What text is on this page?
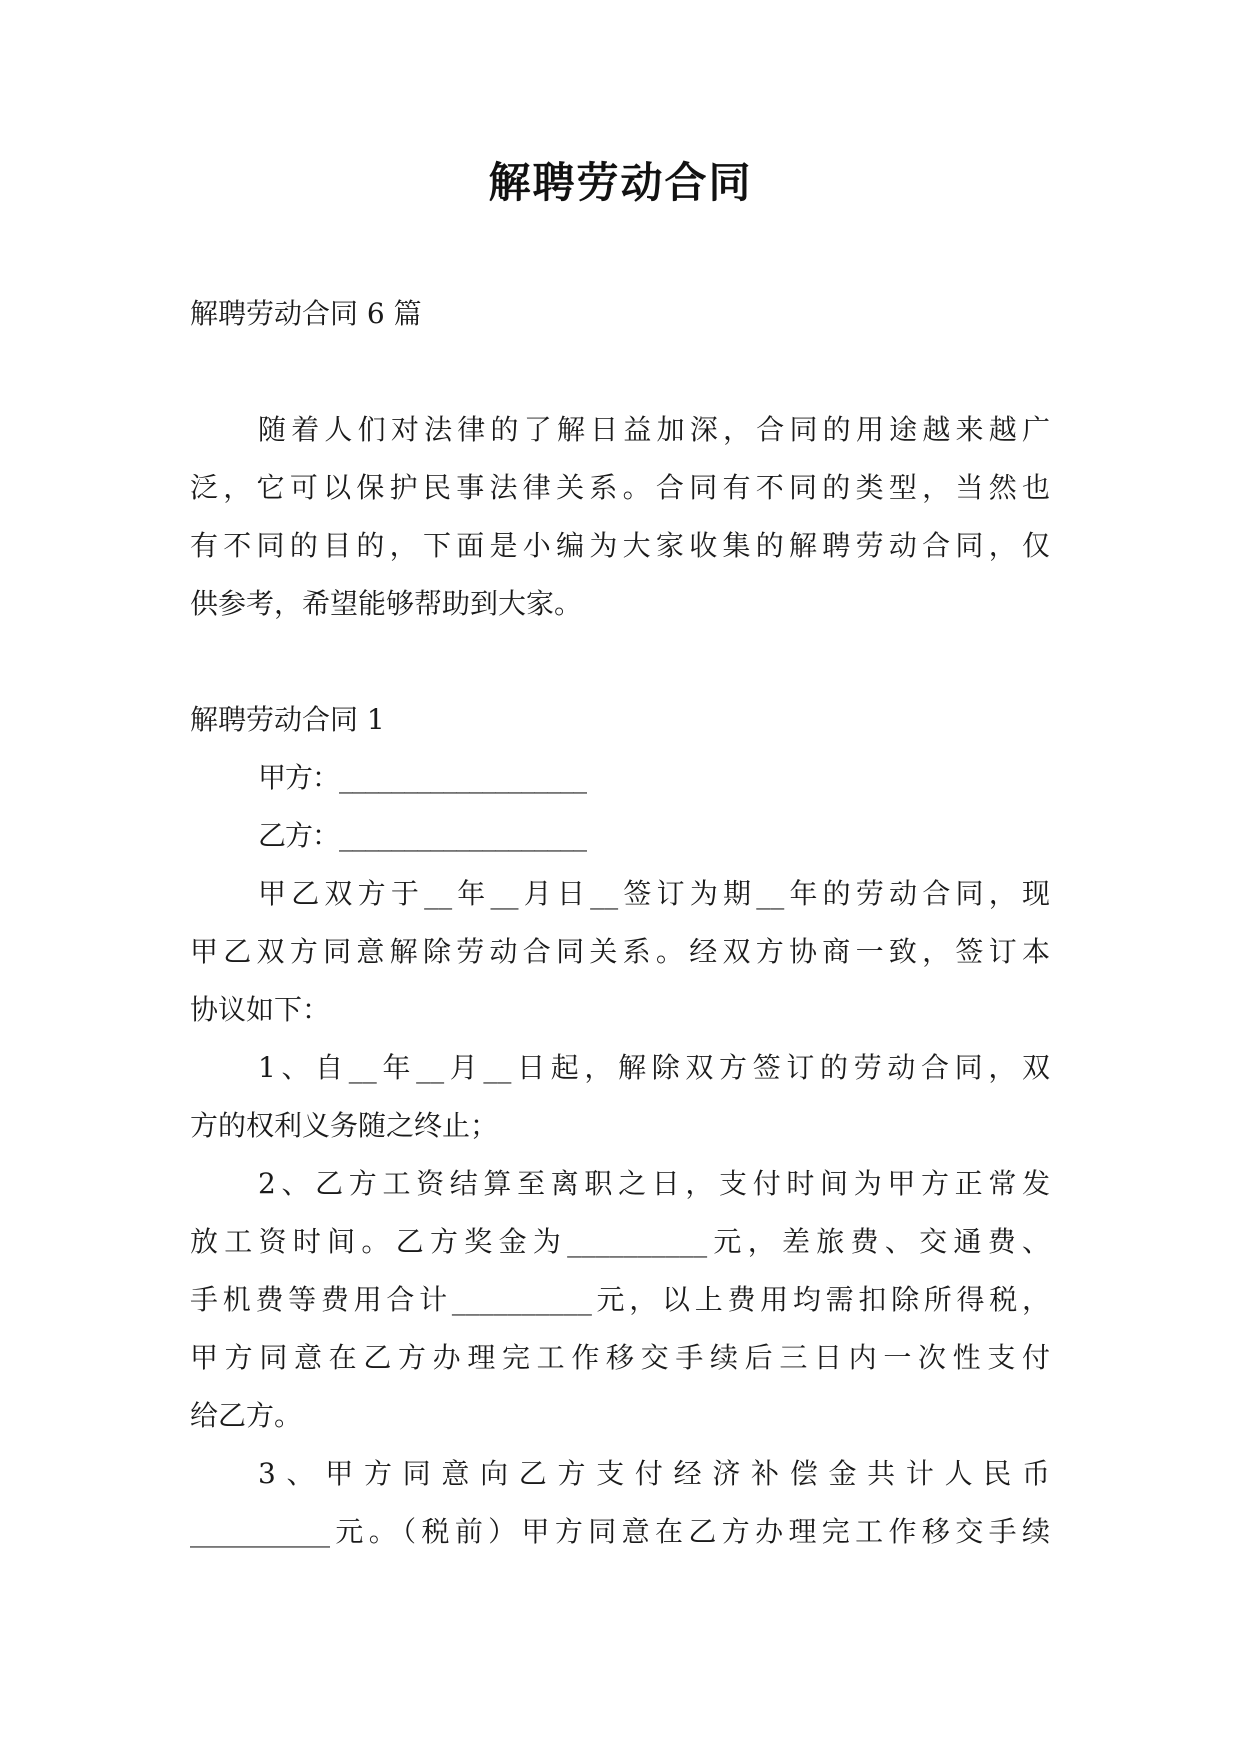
解聘劳动合同
解聘劳动合同 6 篇
随着人们对法律的了解日益加深，合同的用途越来越广
泛，它可以保护民事法律关系。合同有不同的类型，当然也
有不同的目的，下面是小编为大家收集的解聘劳动合同，仅
供参考，希望能够帮助到大家。
解聘劳动合同 1
甲方：___________________
乙方：___________________
甲乙双方于__年__月日__签订为期__年的劳动合同，现
甲乙双方同意解除劳动合同关系。经双方协商一致，签订本
协议如下：
1、自__年__月__日起，解除双方签订的劳动合同，双
方的权利义务随之终止；
2、乙方工资结算至离职之日，支付时间为甲方正常发
放工资时间。乙方奖金为__________元，差旅费、交通费、
手机费等费用合计__________元，以上费用均需扣除所得税，
甲方同意在乙方办理完工作移交手续后三日内一次性支付
给乙方。
3、甲方同意向乙方支付经济补偿金共计人民币
__________元。（税前）甲方同意在乙方办理完工作移交手续
